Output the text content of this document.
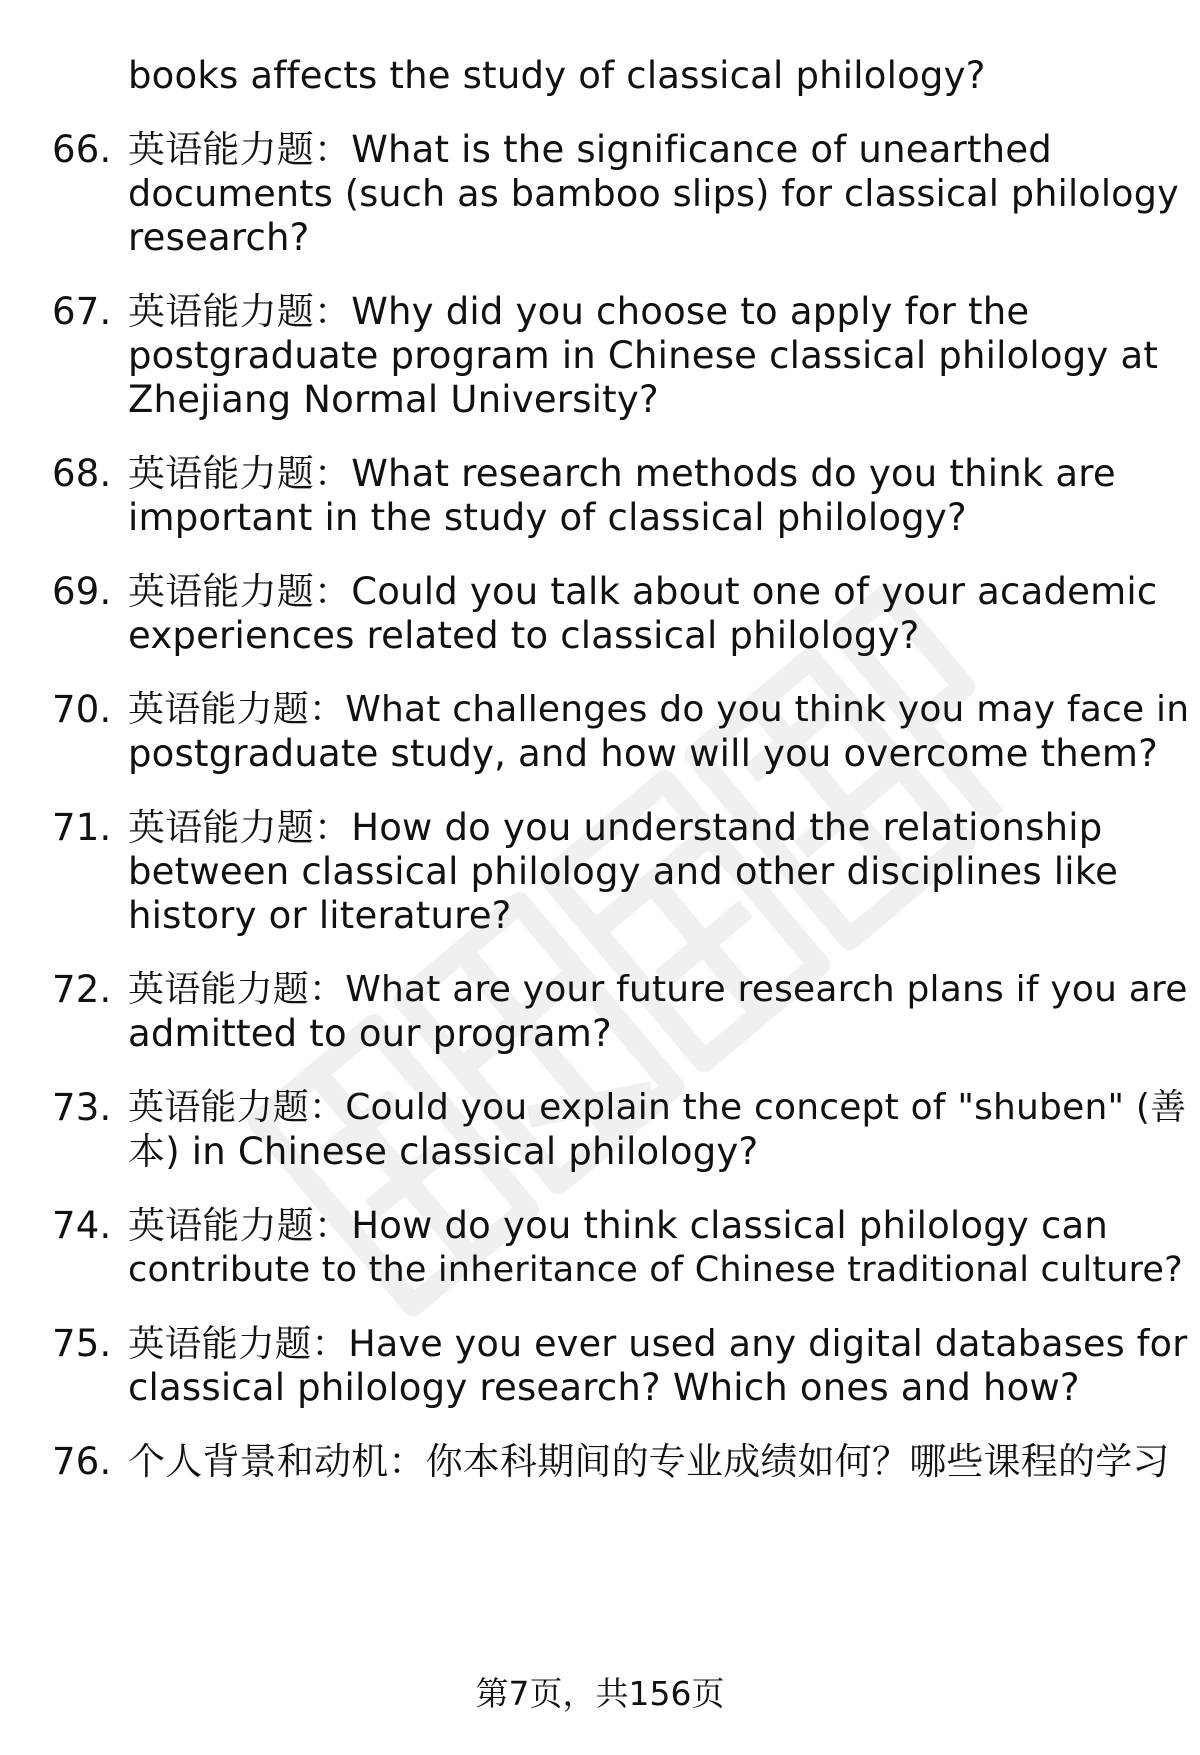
books affects the study of classical philology?
66. 英语能力题：What is the significance of unearthed
documents (such as bamboo slips) for classical philology
research?
67. 英语能力题：Why did you choose to apply for the
postgraduate program in Chinese classical philology at
Zhejiang Normal University?
68. 英语能力题：What research methods do you think are
important in the study of classical philology?
69. 英语能力题：Could you talk about one of your academic
experiences related to classical philology?
70. 英语能力题：What challenges do you think you may face in
postgraduate study, and how will you overcome them?
71. 英语能力题：How do you understand the relationship
between classical philology and other disciplines like
history or literature?
72. 英语能力题：What are your future research plans if you are
admitted to our program?
73. 英语能力题：Could you explain the concept of "shuben" (善
本) in Chinese classical philology?
74. 英语能力题：How do you think classical philology can
contribute to the inheritance of Chinese traditional culture?
75. 英语能力题：Have you ever used any digital databases for
classical philology research? Which ones and how?
76. 个人背景和动机：你本科期间的专业成绩如何？哪些课程的学习
第7页，共156页
